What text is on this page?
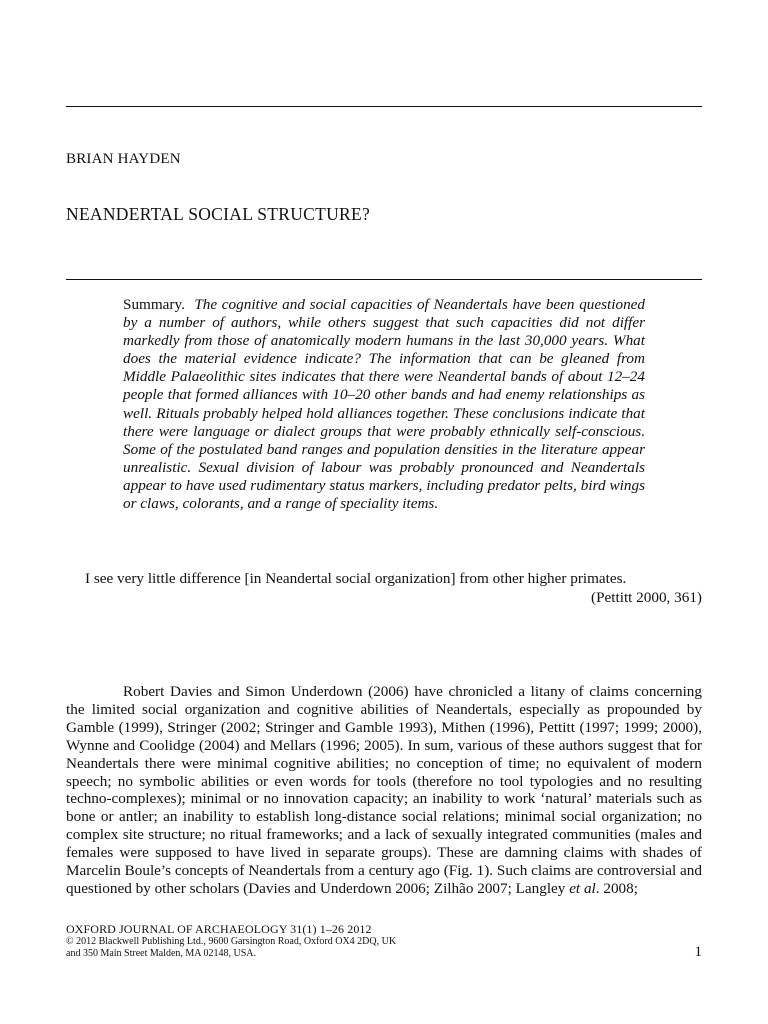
BRIAN HAYDEN
NEANDERTAL SOCIAL STRUCTURE?
Summary. The cognitive and social capacities of Neandertals have been questioned by a number of authors, while others suggest that such capacities did not differ markedly from those of anatomically modern humans in the last 30,000 years. What does the material evidence indicate? The information that can be gleaned from Middle Palaeolithic sites indicates that there were Neandertal bands of about 12–24 people that formed alliances with 10–20 other bands and had enemy relationships as well. Rituals probably helped hold alliances together. These conclusions indicate that there were language or dialect groups that were probably ethnically self-conscious. Some of the postulated band ranges and population densities in the literature appear unrealistic. Sexual division of labour was probably pronounced and Neandertals appear to have used rudimentary status markers, including predator pelts, bird wings or claws, colorants, and a range of speciality items.
I see very little difference [in Neandertal social organization] from other higher primates.
(Pettitt 2000, 361)

Robert Davies and Simon Underdown (2006) have chronicled a litany of claims concerning the limited social organization and cognitive abilities of Neandertals, especially as propounded by Gamble (1999), Stringer (2002; Stringer and Gamble 1993), Mithen (1996), Pettitt (1997; 1999; 2000), Wynne and Coolidge (2004) and Mellars (1996; 2005). In sum, various of these authors suggest that for Neandertals there were minimal cognitive abilities; no conception of time; no equivalent of modern speech; no symbolic abilities or even words for tools (therefore no tool typologies and no resulting techno-complexes); minimal or no innovation capacity; an inability to work ‘natural’ materials such as bone or antler; an inability to establish long-distance social relations; minimal social organization; no complex site structure; no ritual frameworks; and a lack of sexually integrated communities (males and females were supposed to have lived in separate groups). These are damning claims with shades of Marcelin Boule’s concepts of Neandertals from a century ago (Fig. 1). Such claims are controversial and questioned by other scholars (Davies and Underdown 2006; Zilhão 2007; Langley et al. 2008;

OXFORD JOURNAL OF ARCHAEOLOGY 31(1) 1–26 2012
© 2012 Blackwell Publishing Ltd., 9600 Garsington Road, Oxford OX4 2DQ, UK
and 350 Main Street Malden, MA 02148, USA.	1
